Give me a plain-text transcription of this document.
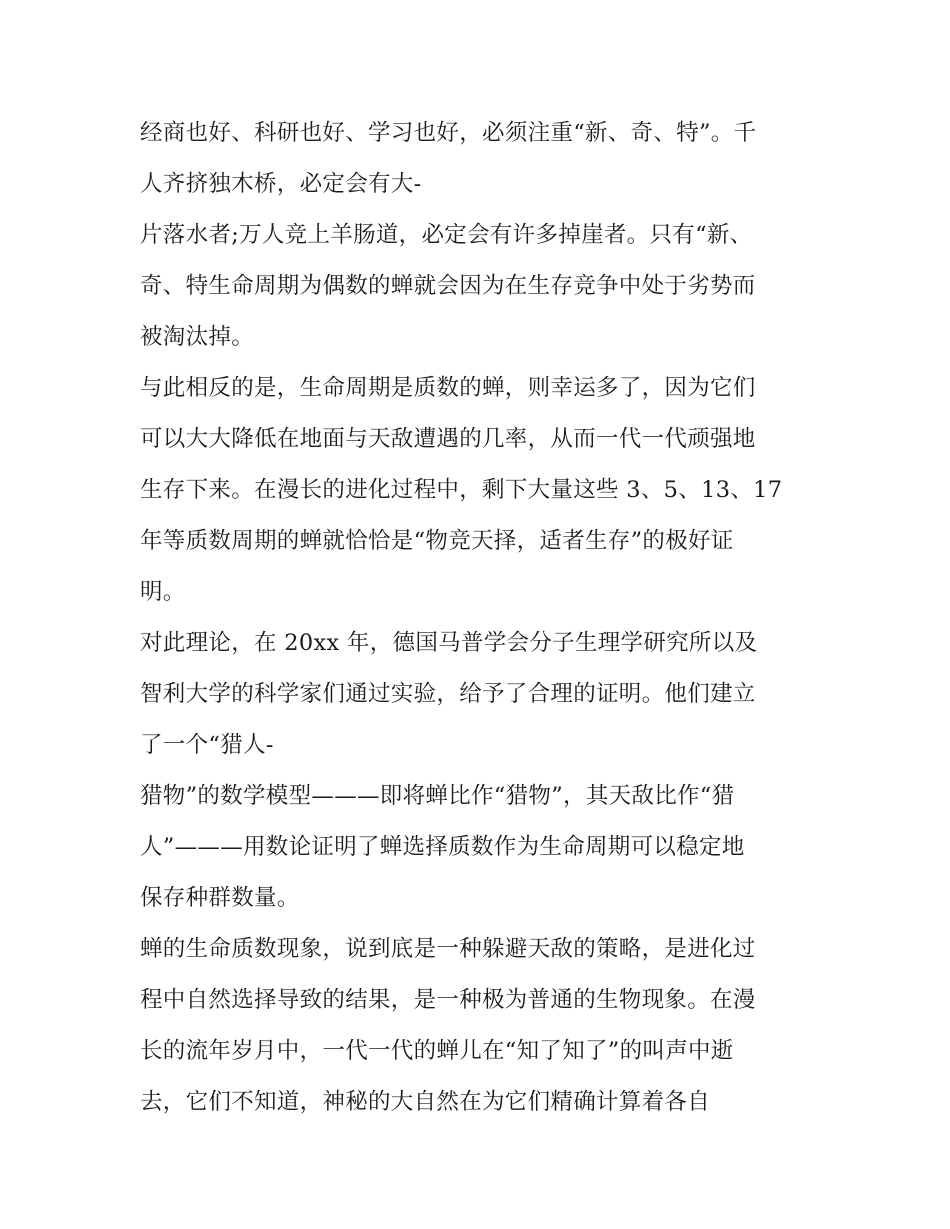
经商也好、科研也好、学习也好，必须注重“新、奇、特”。千
人齐挤独木桥，必定会有大-
片落水者;万人竞上羊肠道，必定会有许多掉崖者。只有“新、
奇、特生命周期为偶数的蝉就会因为在生存竞争中处于劣势而
被淘汰掉。
与此相反的是，生命周期是质数的蝉，则幸运多了，因为它们
可以大大降低在地面与天敌遭遇的几率，从而一代一代顽强地
生存下来。在漫长的进化过程中，剩下大量这些 3、5、13、17
年等质数周期的蝉就恰恰是“物竞天择，适者生存”的极好证
明。
对此理论，在 20xx 年，德国马普学会分子生理学研究所以及
智利大学的科学家们通过实验，给予了合理的证明。他们建立
了一个“猎人-
猎物”的数学模型———即将蝉比作“猎物”，其天敌比作“猎
人”———用数论证明了蝉选择质数作为生命周期可以稳定地
保存种群数量。
蝉的生命质数现象，说到底是一种躲避天敌的策略，是进化过
程中自然选择导致的结果，是一种极为普通的生物现象。在漫
长的流年岁月中，一代一代的蝉儿在“知了知了”的叫声中逝
去，它们不知道，神秘的大自然在为它们精确计算着各自
